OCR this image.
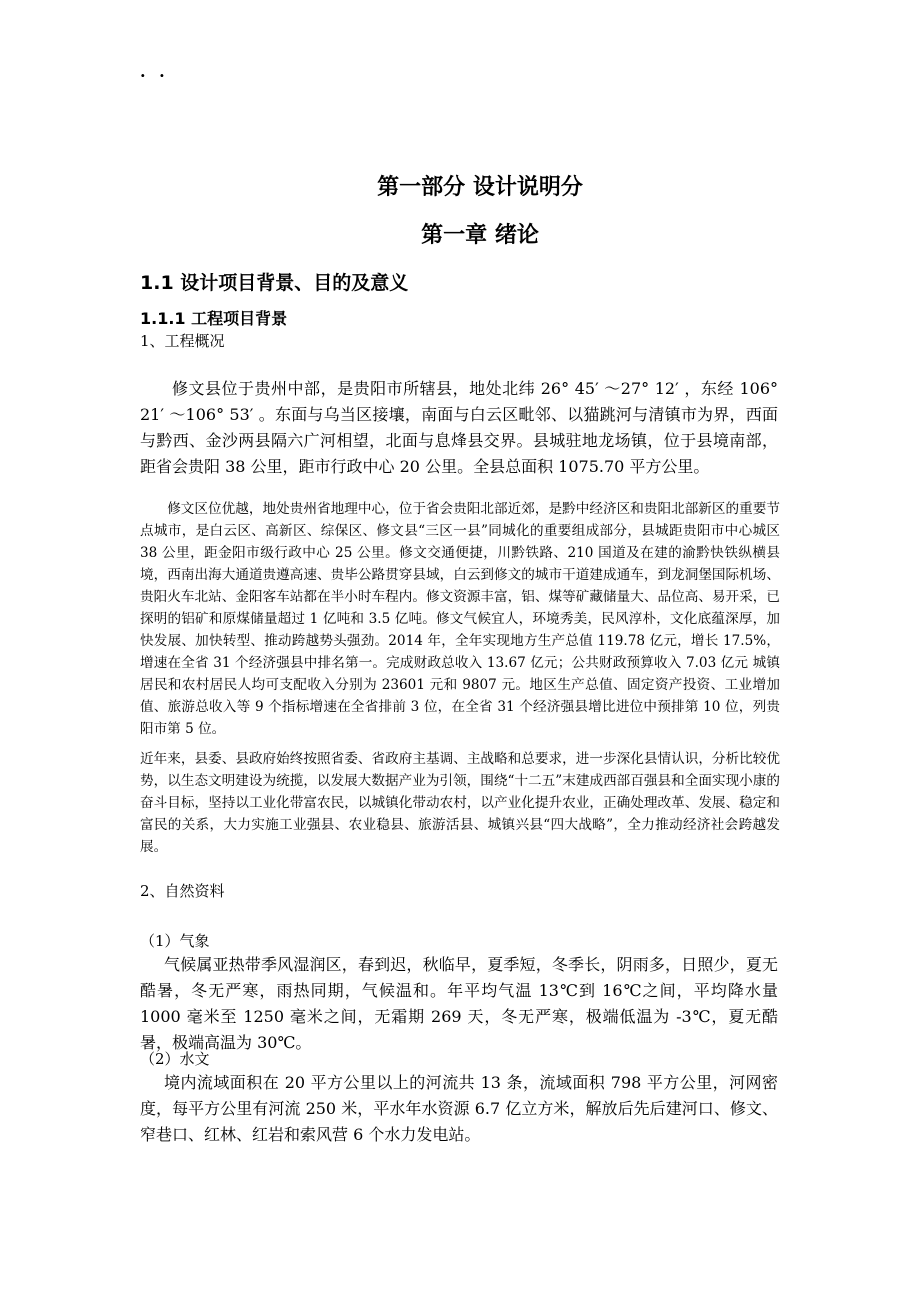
. .
第一部分 设计说明分
第一章 绪论
1.1 设计项目背景、目的及意义
1.1.1 工程项目背景
1、工程概况
修文县位于贵州中部，是贵阳市所辖县，地处北纬 26° 45′ ～27° 12′ ，东经 106° 21′ ～106° 53′ 。东面与乌当区接壤，南面与白云区毗邻、以猫跳河与清镇市为界，西面与黔西、金沙两县隔六广河相望，北面与息烽县交界。县城驻地龙场镇，位于县境南部，距省会贵阳 38 公里，距市行政中心 20 公里。全县总面积 1075.70 平方公里。
修文区位优越，地处贵州省地理中心，位于省会贵阳北部近郊，是黔中经济区和贵阳北部新区的重要节点城市，是白云区、高新区、综保区、修文县“三区一县”同城化的重要组成部分，县城距贵阳市中心城区 38 公里，距金阳市级行政中心 25 公里。修文交通便捷，川黔铁路、210 国道及在建的渝黔快铁纵横县境，西南出海大通道贵遵高速、贵毕公路贯穿县域，白云到修文的城市干道建成通车，到龙洞堡国际机场、贵阳火车北站、金阳客车站都在半小时车程内。修文资源丰富，铝、煤等矿藏储量大、品位高、易开采，已探明的铝矿和原煤储量超过 1 亿吨和 3.5 亿吨。修文气候宜人，环境秀美，民风淳朴，文化底蕴深厚，加快发展、加快转型、推动跨越势头强劲。2014 年，全年实现地方生产总值 119.78 亿元，增长 17.5%，增速在全省 31 个经济强县中排名第一。完成财政总收入 13.67 亿元；公共财政预算收入 7.03 亿元 城镇居民和农村居民人均可支配收入分别为 23601 元和 9807 元。地区生产总值、固定资产投资、工业增加值、旅游总收入等 9 个指标增速在全省排前 3 位，在全省 31 个经济强县增比进位中预排第 10 位，列贵阳市第 5 位。
近年来，县委、县政府始终按照省委、省政府主基调、主战略和总要求，进一步深化县情认识，分析比较优势，以生态文明建设为统揽，以发展大数据产业为引领，围绕“十二五”末建成西部百强县和全面实现小康的奋斗目标，坚持以工业化带富农民，以城镇化带动农村，以产业化提升农业，正确处理改革、发展、稳定和富民的关系，大力实施工业强县、农业稳县、旅游活县、城镇兴县“四大战略”，全力推动经济社会跨越发展。
2、自然资料
（1）气象
气候属亚热带季风湿润区，春到迟，秋临早，夏季短，冬季长，阴雨多，日照少，夏无酷暑，冬无严寒，雨热同期，气候温和。年平均气温 13℃到 16℃之间，平均降水量 1000 毫米至 1250 毫米之间，无霜期 269 天，冬无严寒，极端低温为 -3℃，夏无酷暑，极端高温为 30℃。
（2）水文
境内流域面积在 20 平方公里以上的河流共 13 条，流域面积 798 平方公里，河网密度，每平方公里有河流 250 米，平水年水资源 6.7 亿立方米，解放后先后建河口、修文、窄巷口、红林、红岩和索风营 6 个水力发电站。
